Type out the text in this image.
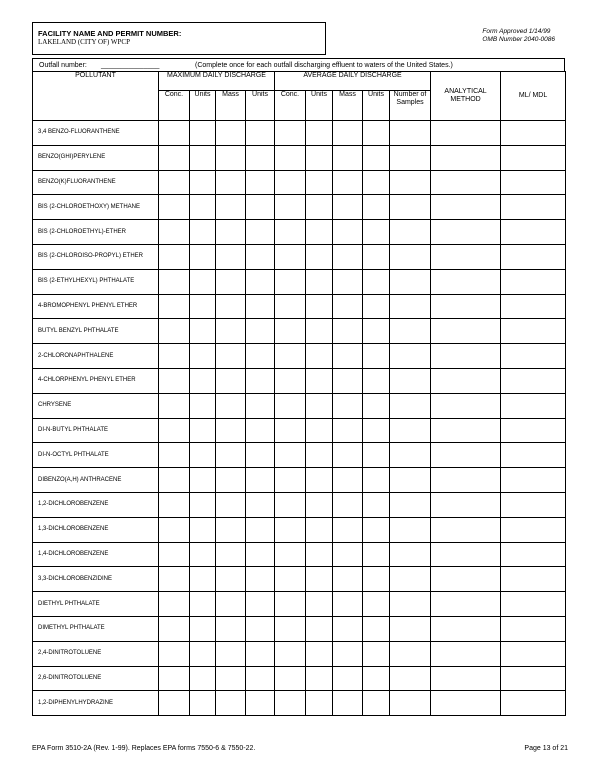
FACILITY NAME AND PERMIT NUMBER:
LAKELAND (CITY OF) WPCP
Form Approved 1/14/99
OMB Number 2040-0086
Outfall number: _______________	(Complete once for each outfall discharging effluent to waters of the United States.)
POLLUTANT	MAXIMUM DAILY DISCHARGE				AVERAGE DAILY DISCHARGE					ANALYTICAL METHOD	ML/ MDL
	Conc.	Units	Mass	Units	Conc.	Units	Mass	Units	Number of Samples		
3,4 BENZO-FLUORANTHENE											
BENZO(GHI)PERYLENE											
BENZO(K)FLUORANTHENE											
BIS (2-CHLOROETHOXY) METHANE											
BIS (2-CHLOROETHYL)-ETHER											
BIS (2-CHLOROISO-PROPYL) ETHER											
BIS (2-ETHYLHEXYL) PHTHALATE											
4-BROMOPHENYL PHENYL ETHER											
BUTYL BENZYL PHTHALATE											
2-CHLORONAPHTHALENE											
4-CHLORPHENYL PHENYL ETHER											
CHRYSENE											
DI-N-BUTYL PHTHALATE											
DI-N-OCTYL PHTHALATE											
DIBENZO(A,H) ANTHRACENE											
1,2-DICHLOROBENZENE											
1,3-DICHLOROBENZENE											
1,4-DICHLOROBENZENE											
3,3-DICHLOROBENZIDINE											
DIETHYL PHTHALATE											
DIMETHYL PHTHALATE											
2,4-DINITROTOLUENE											
2,6-DINITROTOLUENE											
1,2-DIPHENYLHYDRAZINE											
EPA Form 3510-2A (Rev. 1-99). Replaces EPA forms 7550-6 & 7550-22.	Page 13 of 21
